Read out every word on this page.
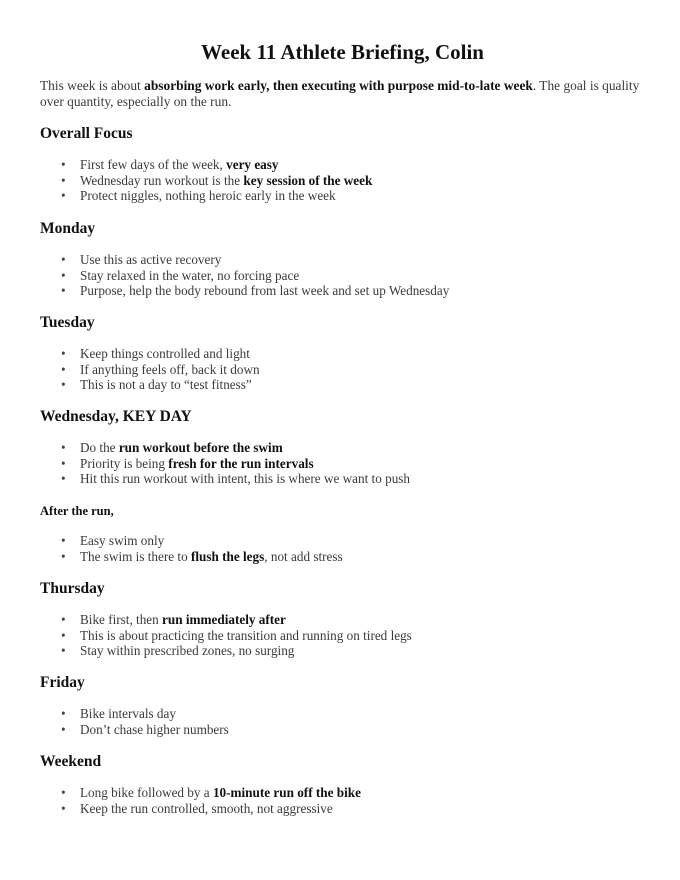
Week 11 Athlete Briefing, Colin

This week is about absorbing work early, then executing with purpose mid-to-late week. The goal is quality over quantity, especially on the run.

Overall Focus
• First few days of the week, very easy
• Wednesday run workout is the key session of the week
• Protect niggles, nothing heroic early in the week
Monday
• Use this as active recovery
• Stay relaxed in the water, no forcing pace
• Purpose, help the body rebound from last week and set up Wednesday
Tuesday
• Keep things controlled and light
• If anything feels off, back it down
• This is not a day to “test fitness”
Wednesday, KEY DAY
• Do the run workout before the swim
• Priority is being fresh for the run intervals
• Hit this run workout with intent, this is where we want to push
After the run,
• Easy swim only
• The swim is there to flush the legs, not add stress
Thursday
• Bike first, then run immediately after
• This is about practicing the transition and running on tired legs
• Stay within prescribed zones, no surging
Friday
• Bike intervals day
• Don’t chase higher numbers
Weekend
• Long bike followed by a 10-minute run off the bike
• Keep the run controlled, smooth, not aggressive
